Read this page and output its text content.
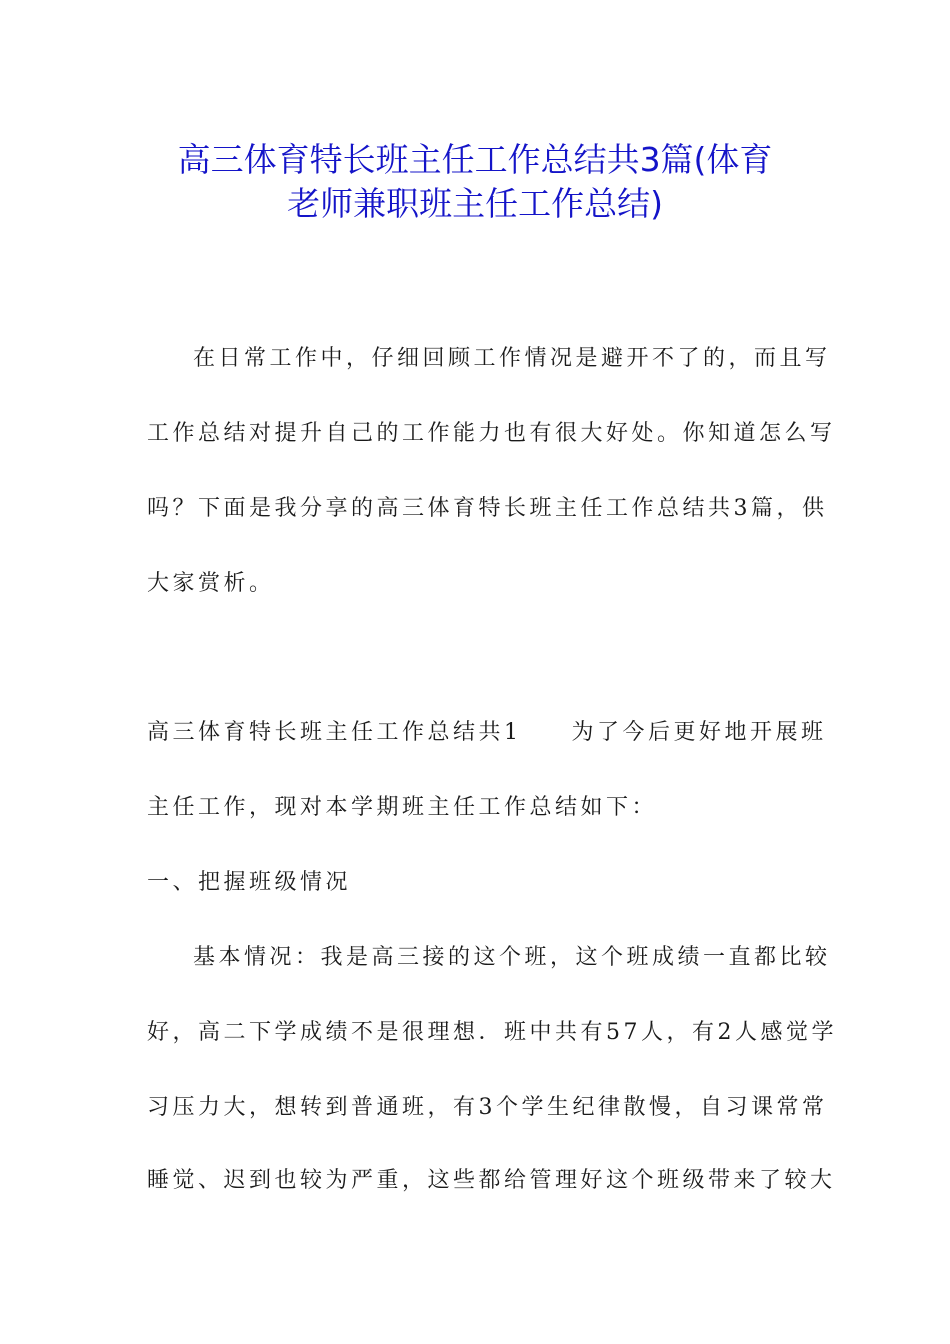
高三体育特长班主任工作总结共3篇(体育
老师兼职班主任工作总结)
在日常工作中，仔细回顾工作情况是避开不了的，而且写
工作总结对提升自己的工作能力也有很大好处。你知道怎么写
吗？下面是我分享的高三体育特长班主任工作总结共3篇，供
大家赏析。
高三体育特长班主任工作总结共1 为了今后更好地开展班
主任工作，现对本学期班主任工作总结如下：
一、把握班级情况
基本情况：我是高三接的这个班，这个班成绩一直都比较
好，高二下学成绩不是很理想．班中共有57人，有2人感觉学
习压力大，想转到普通班，有3个学生纪律散慢，自习课常常
睡觉、迟到也较为严重，这些都给管理好这个班级带来了较大
